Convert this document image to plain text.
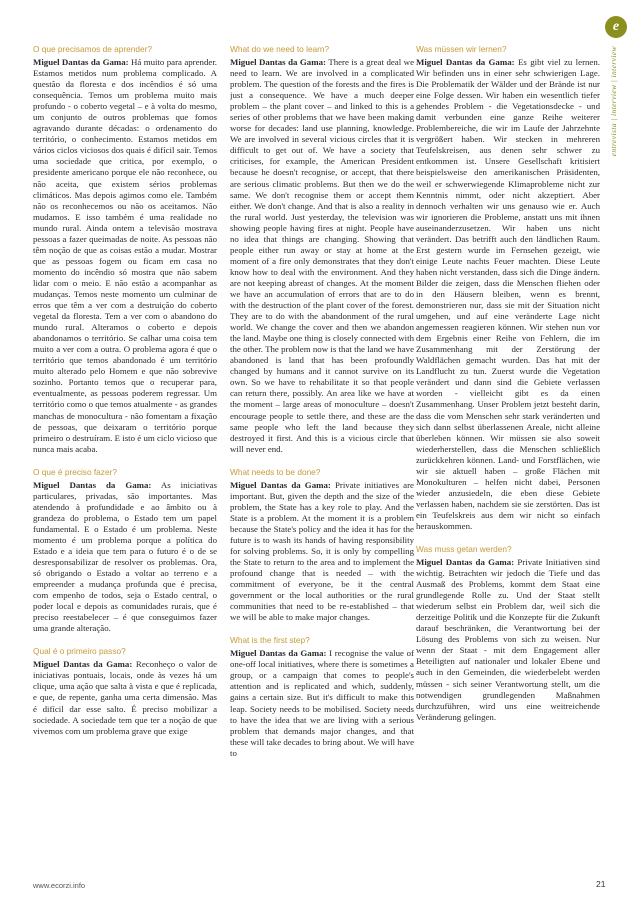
e
entrevista | interview | interview
O que precisamos de aprender?
Miguel Dantas da Gama: Há muito para aprender. Estamos metidos num problema complicado. A questão da floresta e dos incêndios é só uma consequência. Temos um problema muito mais profundo - o coberto vegetal – e à volta do mesmo, um conjunto de outros problemas que fomos agravando durante décadas: o ordenamento do território, o conhecimento. Estamos metidos em vários ciclos viciosos dos quais é difícil sair. Temos uma sociedade que critica, por exemplo, o presidente americano porque ele não reconhece, ou não aceita, que existem sérios problemas climáticos. Mas depois agimos como ele. Também não os reconhecemos ou não os aceitamos. Não mudamos. E isso também é uma realidade no mundo rural. Ainda ontem a televisão mostrava pessoas a fazer queimadas de noite. As pessoas não têm noção de que as coisas estão a mudar. Mostrar que as pessoas fogem ou ficam em casa no momento do incêndio só mostra que não sabem lidar com o meio. E não estão a acompanhar as mudanças. Temos neste momento um culminar de erros que têm a ver com a destruição do coberto vegetal da floresta. Tem a ver com o abandono do mundo rural. Alteramos o coberto e depois abandonamos o território. Se calhar uma coisa tem muito a ver com a outra. O problema agora é que o território que temos abandonado é um território muito alterado pelo Homem e que não sobrevive sozinho. Portanto temos que o recuperar para, eventualmente, as pessoas poderem regressar. Um território como o que temos atualmente - as grandes manchas de monocultura - não fomentam a fixação de pessoas, que deixaram o território porque primeiro o destruíram. E isto é um ciclo vicioso que nunca mais acaba.
O que é preciso fazer?
Miguel Dantas da Gama: As iniciativas particulares, privadas, são importantes. Mas atendendo à profundidade e ao âmbito ou à grandeza do problema, o Estado tem um papel fundamental. E o Estado é um problema. Neste momento é um problema porque a política do Estado e a ideia que tem para o futuro é o de se desresponsabilizar de resolver os problemas. Ora, só obrigando o Estado a voltar ao terreno e a empreender a mudança profunda que é precisa, com empenho de todos, seja o Estado central, o poder local e depois as comunidades rurais, que é preciso reestabelecer – é que conseguimos fazer uma grande alteração.
Qual é o primeiro passo?
Miguel Dantas da Gama: Reconheço o valor de iniciativas pontuais, locais, onde às vezes há um clique, uma ação que salta à vista e que é replicada, e que, de repente, ganha uma certa dimensão. Mas é difícil dar esse salto. É preciso mobilizar a sociedade. A sociedade tem que ter a noção de que vivemos com um problema grave que exige
What do we need to learn?
Miguel Dantas da Gama: There is a great deal we need to learn. We are involved in a complicated problem. The question of the forests and the fires is just a consequence. We have a much deeper problem – the plant cover – and linked to this is a series of other problems that we have been making worse for decades: land use planning, knowledge. We are involved in several vicious circles that it is difficult to get out of. We have a society that criticises, for example, the American President because he doesn't recognise, or accept, that there are serious climatic problems. But then we do the same. We don't recognise them or accept them either. We don't change. And that is also a reality in the rural world. Just yesterday, the television was showing people having fires at night. People have no idea that things are changing. Showing that people either run away or stay at home at the moment of a fire only demonstrates that they don't know how to deal with the environment. And they are not keeping abreast of changes. At the moment we have an accumulation of errors that are to do with the destruction of the plant cover of the forest. They are to do with the abandonment of the rural world. We change the cover and then we abandon the land. Maybe one thing is closely connected with the other. The problem now is that the land we have abandoned is land that has been profoundly changed by humans and it cannot survive on its own. So we have to rehabilitate it so that people can return there, possibly. An area like we have at the moment – large areas of monoculture – doesn't encourage people to settle there, and these are the same people who left the land because they destroyed it first. And this is a vicious circle that will never end.
What needs to be done?
Miguel Dantas da Gama: Private initiatives are important. But, given the depth and the size of the problem, the State has a key role to play. And the State is a problem. At the moment it is a problem because the State's policy and the idea it has for the future is to wash its hands of having responsibility for solving problems. So, it is only by compelling the State to return to the area and to implement the profound change that is needed – with the commitment of everyone, be it the central government or the local authorities or the rural communities that need to be re-established – that we will be able to make major changes.
What is the first step?
Miguel Dantas da Gama: I recognise the value of one-off local initiatives, where there is sometimes a group, or a campaign that comes to people's attention and is replicated and which, suddenly, gains a certain size. But it's difficult to make this leap. Society needs to be mobilised. Society needs to have the idea that we are living with a serious problem that demands major changes, and that these will take decades to bring about. We will have to
Was müssen wir lernen?
Miguel Dantas da Gama: Es gibt viel zu lernen. Wir befinden uns in einer sehr schwierigen Lage. Die Problematik der Wälder und der Brände ist nur eine Folge dessen. Wir haben ein wesentlich tiefer gehendes Problem - die Vegetationsdecke - und damit verbunden eine ganze Reihe weiterer Problembereiche, die wir im Laufe der Jahrzehnte vergrößert haben. Wir stecken in mehreren Teufelskreisen, aus denen sehr schwer zu entkommen ist. Unsere Gesellschaft kritisiert beispielsweise den amerikanischen Präsidenten, weil er schwerwiegende Klimaprobleme nicht zur Kenntnis nimmt, oder nicht akzeptiert. Aber dennoch verhalten wir uns genauso wie er. Auch wir ignorieren die Probleme, anstatt uns mit ihnen auseinanderzusetzen. Wir haben uns nicht verändert. Das betrifft auch den ländlichen Raum. Erst gestern wurde im Fernsehen gezeigt, wie einige Leute nachts Feuer machten. Diese Leute haben nicht verstanden, dass sich die Dinge ändern. Bilder die zeigen, dass die Menschen fliehen oder in den Häusern bleiben, wenn es brennt, demonstrieren nur, dass sie mit der Situation nicht umgehen, und auf eine veränderte Lage nicht angemessen reagieren können. Wir stehen nun vor dem Ergebnis einer Reihe von Fehlern, die im Zusammenhang mit der Zerstörung der Waldflächen gemacht wurden. Das hat mit der Landflucht zu tun. Zuerst wurde die Vegetation verändert und dann sind die Gebiete verlassen worden - vielleicht gibt es da einen Zusammenhang. Unser Problem jetzt besteht darin, dass die vom Menschen sehr stark veränderten und sich dann selbst überlassenen Areale, nicht alleine überleben können. Wir müssen sie also soweit wiederherstellen, dass die Menschen schließlich zurückkehren können. Land- und Forstflächen, wie wir sie aktuell haben – große Flächen mit Monokulturen – helfen nicht dabei, Personen wieder anzusiedeln, die eben diese Gebiete verlassen haben, nachdem sie sie zerstörten. Das ist ein Teufelskreis aus dem wir nicht so einfach herauskommen.
Was muss getan werden?
Miguel Dantas da Gama: Private Initiativen sind wichtig. Betrachten wir jedoch die Tiefe und das Ausmaß des Problems, kommt dem Staat eine grundlegende Rolle zu. Und der Staat stellt wiederum selbst ein Problem dar, weil sich die derzeitige Politik und die Konzepte für die Zukunft darauf beschränken, die Verantwortung bei der Lösung des Problems von sich zu weisen. Nur wenn der Staat - mit dem Engagement aller Beteiligten auf nationaler und lokaler Ebene und auch in den Gemeinden, die wiederbelebt werden müssen - sich seiner Verantwortung stellt, um die notwendigen grundlegenden Maßnahmen durchzuführen, wird uns eine weitreichende Veränderung gelingen.
www.ecorzi.info	21
